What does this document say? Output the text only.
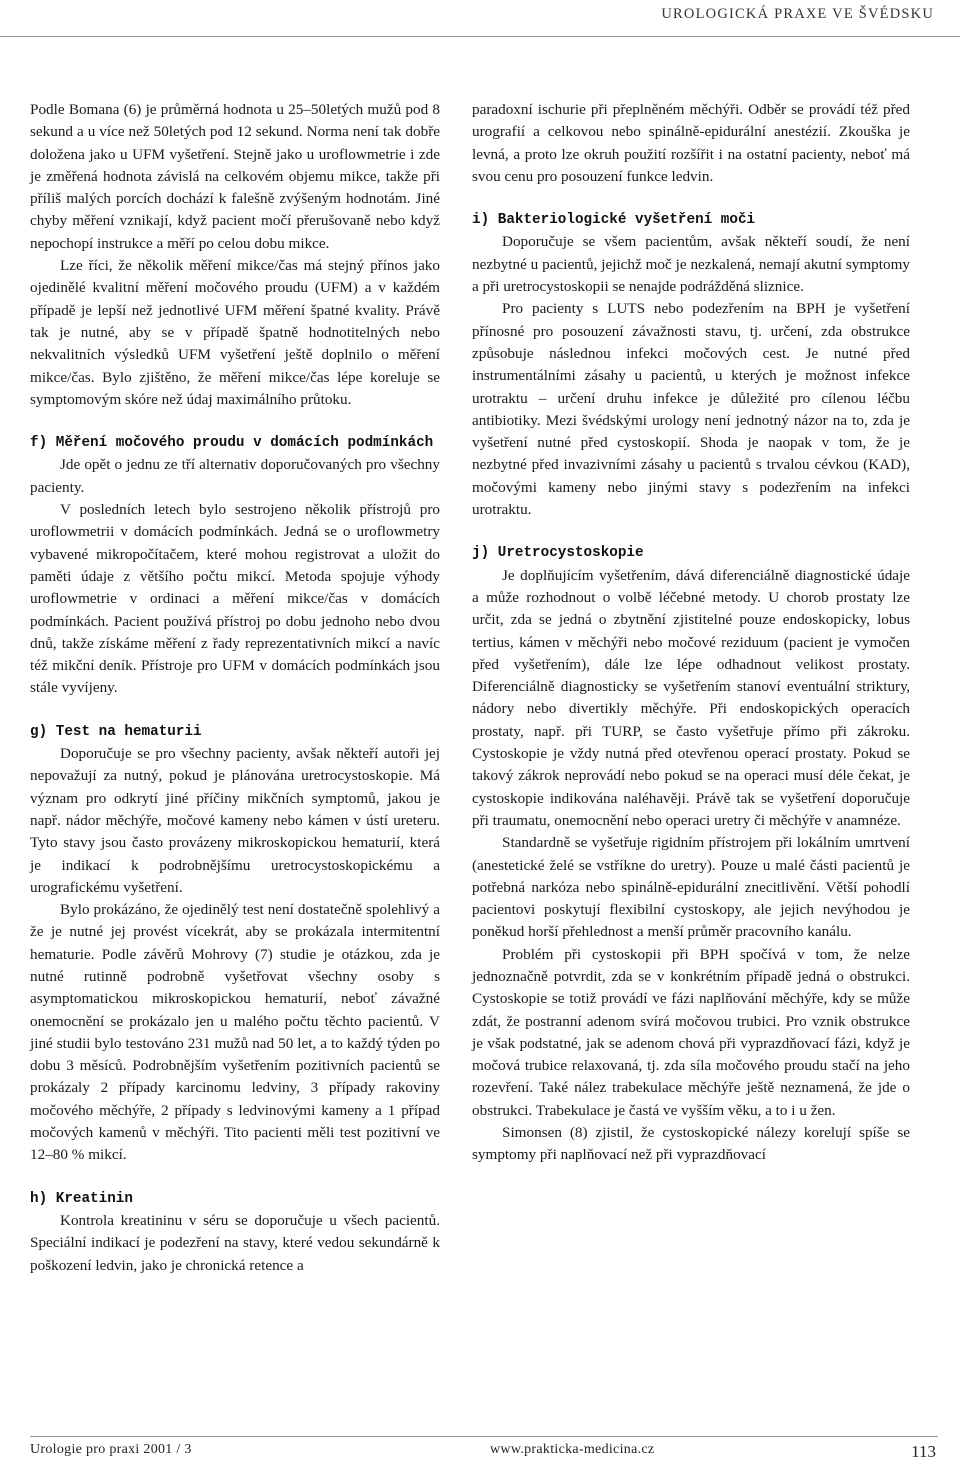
UROLOGICKÁ PRAXE VE ŠVÉDSKU

Podle Bomana (6) je průměrná hodnota u 25–50letých mužů pod 8 sekund a u více než 50letých pod 12 sekund. Norma není tak dobře doložena jako u UFM vyšetření. Stejně jako u uroflowmetrie i zde je změřená hodnota závislá na celkovém objemu mikce, takže při příliš malých porcích dochází k falešně zvýšeným hodnotám. Jiné chyby měření vznikají, když pacient močí přerušovaně nebo když nepochopí instrukce a měří po celou dobu mikce.

Lze říci, že několik měření mikce/čas má stejný přínos jako ojedinělé kvalitní měření močového proudu (UFM) a v každém případě je lepší než jednotlivé UFM měření špatné kvality. Právě tak je nutné, aby se v případě špatně hodnotitelných nebo nekvalitních výsledků UFM vyšetření ještě doplnilo o měření mikce/čas. Bylo zjištěno, že měření mikce/čas lépe koreluje se symptomovým skóre než údaj maximálního průtoku.

f) Měření močového proudu v domácích podmínkách

Jde opět o jednu ze tří alternativ doporučovaných pro všechny pacienty.

V posledních letech bylo sestrojeno několik přístrojů pro uroflowmetrii v domácích podmínkách. Jedná se o uroflowmetry vybavené mikropočítačem, které mohou registrovat a uložit do paměti údaje z většího počtu mikcí. Metoda spojuje výhody uroflowmetrie v ordinaci a měření mikce/čas v domácích podmínkách. Pacient používá přístroj po dobu jednoho nebo dvou dnů, takže získáme měření z řady reprezentativních mikcí a navíc též mikční deník. Přístroje pro UFM v domácích podmínkách jsou stále vyvíjeny.

g) Test na hematurii

Doporučuje se pro všechny pacienty, avšak někteří autoři jej nepovažují za nutný, pokud je plánována uretrocystoskopie. Má význam pro odkrytí jiné příčiny mikčních symptomů, jakou je např. nádor měchýře, močové kameny nebo kámen v ústí ureteru. Tyto stavy jsou často provázeny mikroskopickou hematurií, která je indikací k podrobnějšímu uretrocystoskopickému a urografickému vyšetření.

Bylo prokázáno, že ojedinělý test není dostatečně spolehlivý a že je nutné jej provést vícekrát, aby se prokázala intermitentní hematurie. Podle závěrů Mohrovy (7) studie je otázkou, zda je nutné rutinně podrobně vyšetřovat všechny osoby s asymptomatickou mikroskopickou hematurií, neboť závažné onemocnění se prokázalo jen u malého počtu těchto pacientů. V jiné studii bylo testováno 231 mužů nad 50 let, a to každý týden po dobu 3 měsíců. Podrobnějším vyšetřením pozitivních pacientů se prokázaly 2 případy karcinomu ledviny, 3 případy rakoviny močového měchýře, 2 případy s ledvinovými kameny a 1 případ močových kamenů v měchýři. Tito pacienti měli test pozitivní ve 12–80 % mikcí.

h) Kreatinin

Kontrola kreatininu v séru se doporučuje u všech pacientů. Speciální indikací je podezření na stavy, které vedou sekundárně k poškození ledvin, jako je chronická retence a

paradoxní ischurie při přeplněném měchýři. Odběr se provádí též před urografií a celkovou nebo spinálně-epidurální anestézií. Zkouška je levná, a proto lze okruh použití rozšířit i na ostatní pacienty, neboť má svou cenu pro posouzení funkce ledvin.

i) Bakteriologické vyšetření moči

Doporučuje se všem pacientům, avšak někteří soudí, že není nezbytné u pacientů, jejichž moč je nezkalená, nemají akutní symptomy a při uretrocystoskopii se nenajde podrážděná sliznice.

Pro pacienty s LUTS nebo podezřením na BPH je vyšetření přínosné pro posouzení závažnosti stavu, tj. určení, zda obstrukce způsobuje následnou infekci močových cest. Je nutné před instrumentálními zásahy u pacientů, u kterých je možnost infekce urotraktu – určení druhu infekce je důležité pro cílenou léčbu antibiotiky. Mezi švédskými urology není jednotný názor na to, zda je vyšetření nutné před cystoskopií. Shoda je naopak v tom, že je nezbytné před invazivními zásahy u pacientů s trvalou cévkou (KAD), močovými kameny nebo jinými stavy s podezřením na infekci urotraktu.

j) Uretrocystoskopie

Je doplňujícím vyšetřením, dává diferenciálně diagnostické údaje a může rozhodnout o volbě léčebné metody. U chorob prostaty lze určit, zda se jedná o zbytnění zjistitelné pouze endoskopicky, lobus tertius, kámen v měchýři nebo močové reziduum (pacient je vymočen před vyšetřením), dále lze lépe odhadnout velikost prostaty. Diferenciálně diagnosticky se vyšetřením stanoví eventuální strikturу, nádory nebo divertikly měchýře. Při endoskopických operacích prostaty, např. při TURP, se často vyšetřuje přímo při zákroku. Cystoskopie je vždy nutná před otevřenou operací prostaty. Pokud se takový zákrok neprovádí nebo pokud se na operaci musí déle čekat, je cystoskopie indikována naléhavěji. Právě tak se vyšetření doporučuje při traumatu, onemocnění nebo operaci uretry či měchýře v anamnéze.

Standardně se vyšetřuje rigidním přístrojem při lokálním umrtvení (anestetické želé se vstříkne do uretry). Pouze u malé části pacientů je potřebná narkóza nebo spinálně-epidurální znecitlivění. Větší pohodlí pacientovi poskytují flexibilní cystoskopy, ale jejich nevýhodou je poněkud horší přehlednost a menší průměr pracovního kanálu.

Problém při cystoskopii při BPH spočívá v tom, že nelze jednoznačně potvrdit, zda se v konkrétním případě jedná o obstrukci. Cystoskopie se totiž provádí ve fázi naplňování měchýře, kdy se může zdát, že postranní adenom svírá močovou trubici. Pro vznik obstrukce je však podstatné, jak se adenom chová při vyprazdňovací fázi, když je močová trubice relaxovaná, tj. zda síla močového proudu stačí na jeho rozevření. Také nález trabekulace měchýře ještě neznamená, že jde o obstrukci. Trabekulace je častá ve vyšším věku, a to i u žen.

Simonsen (8) zjistil, že cystoskopické nálezy korelují spíše se symptomy při naplňovací než při vyprazdňovací

Urologie pro praxi 2001 / 3	www.prakticka-medicina.cz	113
